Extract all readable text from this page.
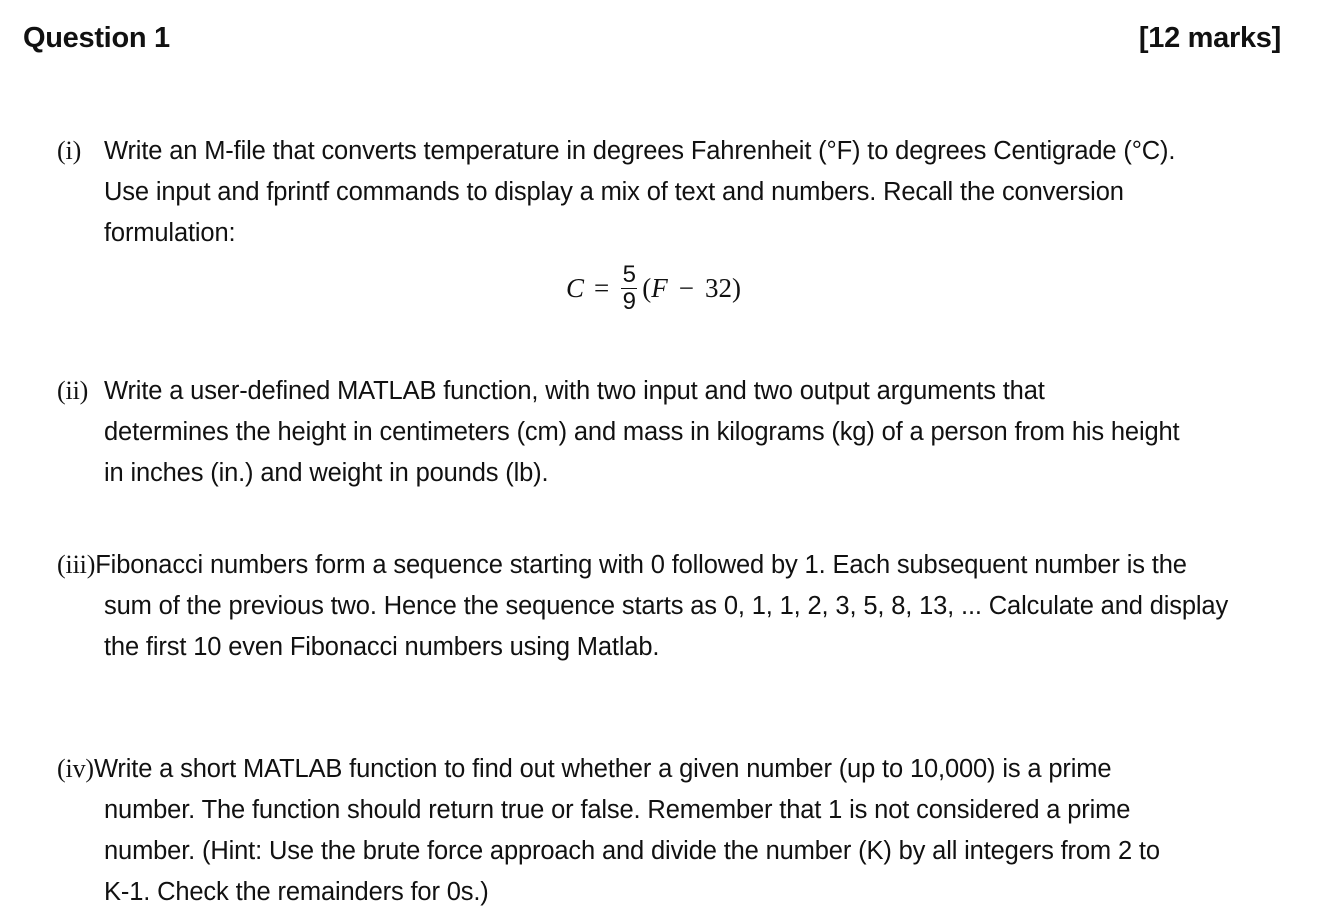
Question 1	[12 marks]
(i) Write an M-file that converts temperature in degrees Fahrenheit (°F) to degrees Centigrade (°C).
Use input and fprintf commands to display a mix of text and numbers. Recall the conversion
formulation:
$C = \frac{5}{9}$ ( F − 32 )
(ii) Write a user-defined MATLAB function, with two input and two output arguments that
determines the height in centimeters (cm) and mass in kilograms (kg) of a person from his height
in inches (in.) and weight in pounds (lb).
(iii)Fibonacci numbers form a sequence starting with 0 followed by 1. Each subsequent number is the
sum of the previous two. Hence the sequence starts as 0, 1, 1, 2, 3, 5, 8, 13, ... Calculate and display
the first 10 even Fibonacci numbers using Matlab.
(iv)Write a short MATLAB function to find out whether a given number (up to 10,000) is a prime
number. The function should return true or false. Remember that 1 is not considered a prime
number. (Hint: Use the brute force approach and divide the number (K) by all integers from 2 to
K-1. Check the remainders for 0s.)
